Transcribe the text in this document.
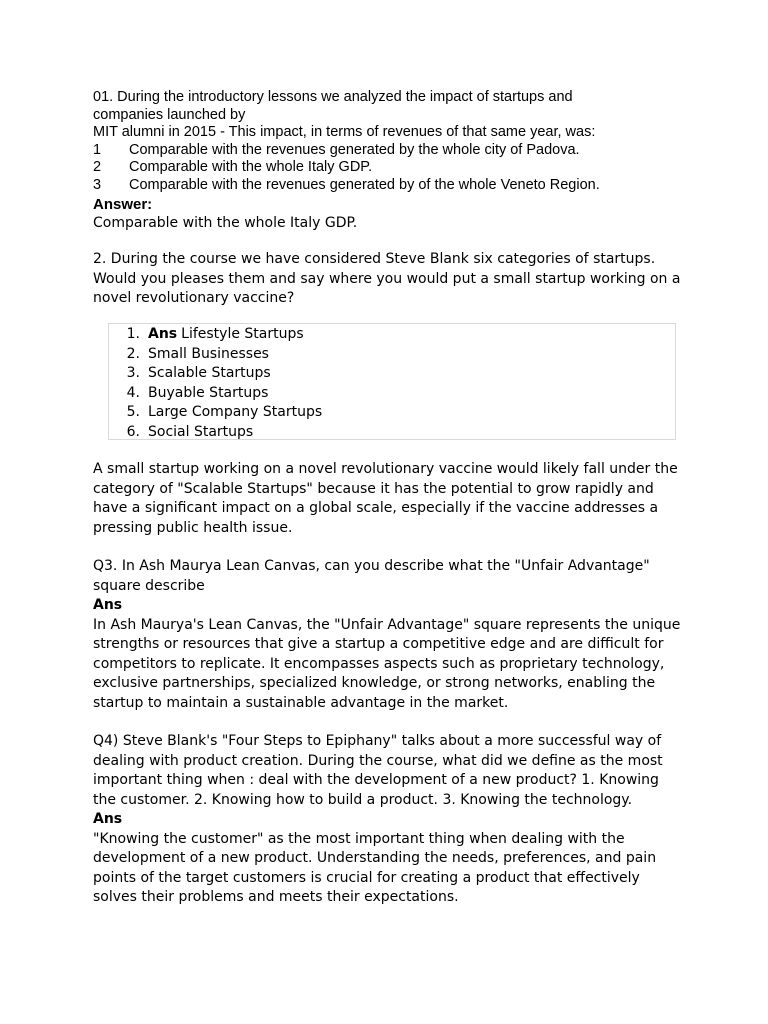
01. During the introductory lessons we analyzed the impact of startups and
companies launched by
MIT alumni in 2015 - This impact, in terms of revenues of that same year, was:
1	Comparable with the revenues generated by the whole city of Padova.
2	Comparable with the whole Italy GDP.
3	Comparable with the revenues generated by of the whole Veneto Region.
Answer:
Comparable with the whole Italy GDP.
2. During the course we have considered Steve Blank six categories of startups. Would you pleases them and say where you would put a small startup working on a novel revolutionary vaccine?
1. Ans Lifestyle Startups
2. Small Businesses
3. Scalable Startups
4. Buyable Startups
5. Large Company Startups
6. Social Startups
A small startup working on a novel revolutionary vaccine would likely fall under the category of "Scalable Startups" because it has the potential to grow rapidly and have a significant impact on a global scale, especially if the vaccine addresses a pressing public health issue.
Q3. In Ash Maurya Lean Canvas, can you describe what the "Unfair Advantage" square describe
Ans
In Ash Maurya's Lean Canvas, the "Unfair Advantage" square represents the unique strengths or resources that give a startup a competitive edge and are difficult for competitors to replicate. It encompasses aspects such as proprietary technology, exclusive partnerships, specialized knowledge, or strong networks, enabling the startup to maintain a sustainable advantage in the market.
Q4) Steve Blank's "Four Steps to Epiphany" talks about a more successful way of dealing with product creation. During the course, what did we define as the most important thing when : deal with the development of a new product? 1. Knowing the customer. 2. Knowing how to build a product. 3. Knowing the technology.
Ans
"Knowing the customer" as the most important thing when dealing with the development of a new product. Understanding the needs, preferences, and pain points of the target customers is crucial for creating a product that effectively solves their problems and meets their expectations.
